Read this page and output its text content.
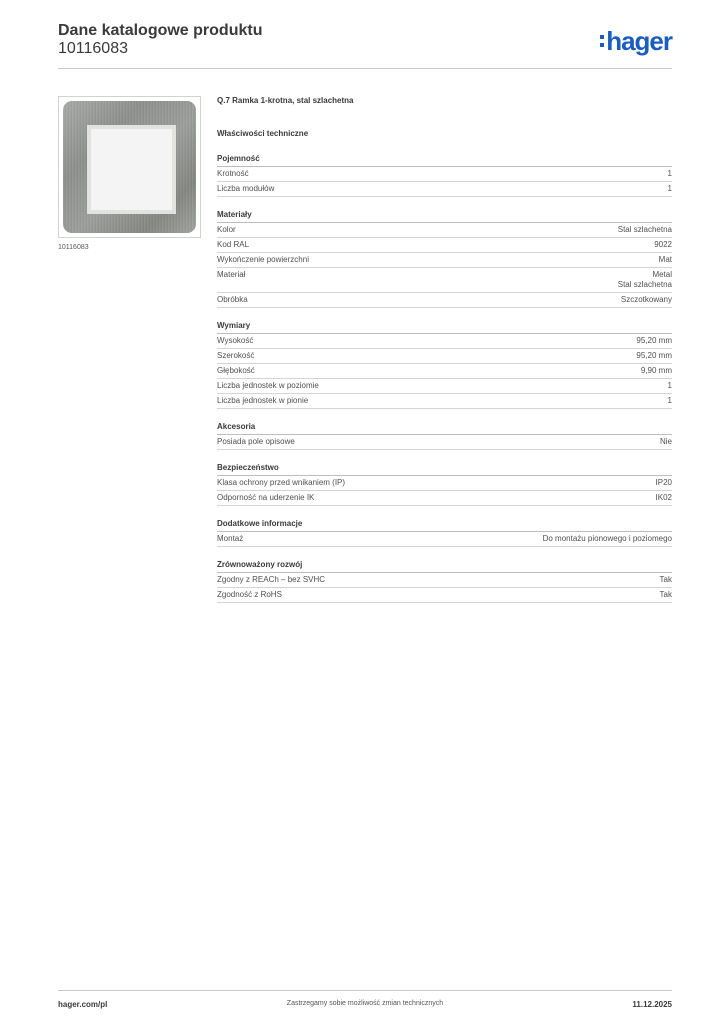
Dane katalogowe produktu
10116083	hager
10116083
Q.7 Ramka 1-krotna, stal szlachetna
Właściwości techniczne
Pojemność
Krotność	1
Liczba modułów	1
Materiały
Kolor	Stal szlachetna
Kod RAL	9022
Wykończenie powierzchni	Mat
Materiał	Metal
Stal szlachetna
Obróbka	Szczotkowany
Wymiary
Wysokość	95,20 mm
Szerokość	95,20 mm
Głębokość	9,90 mm
Liczba jednostek w poziomie	1
Liczba jednostek w pionie	1
Akcesoria
Posiada pole opisowe	Nie
Bezpieczeństwo
Klasa ochrony przed wnikaniem (IP)	IP20
Odporność na uderzenie IK	IK02
Dodatkowe informacje
Montaż	Do montażu pionowego i poziomego
Zrównoważony rozwój
Zgodny z REACh – bez SVHC	Tak
Zgodność z RoHS	Tak
hager.com/pl	Zastrzegamy sobie możliwość zmian technicznych	11.12.2025
